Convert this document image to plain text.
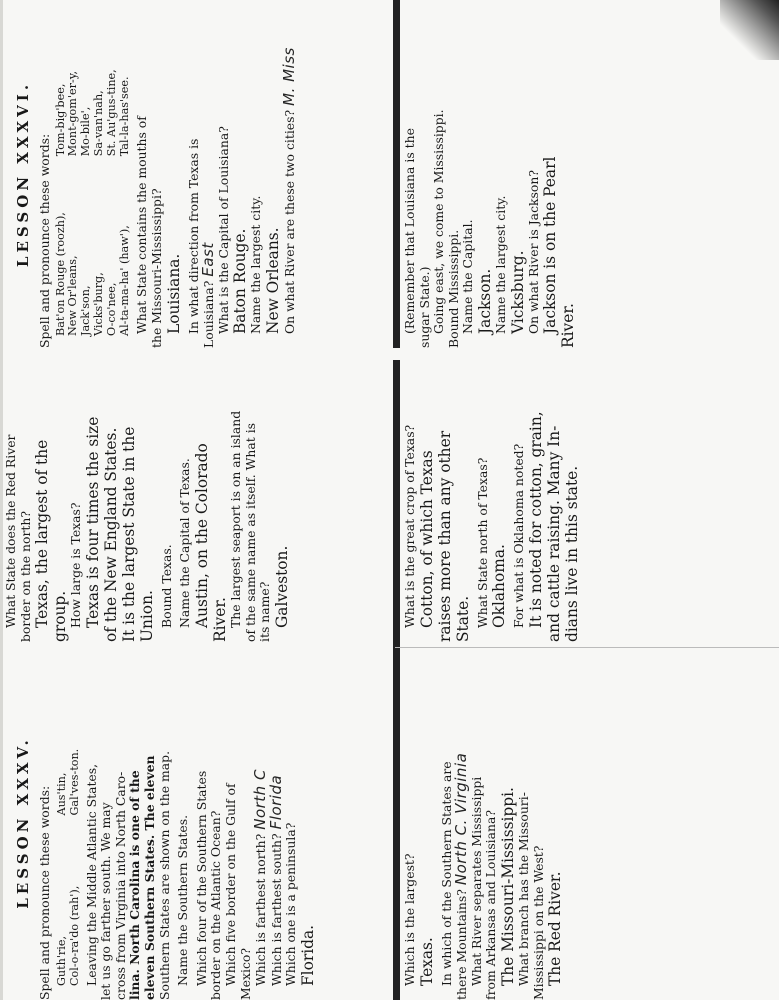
LESSON XXXV. Spell and pronounce these words: Guth'rie,
Aus'tin,
Col-o-ra'do (rah'),
Gal'ves-ton. Leaving the Middle Atlantic States, let us go farther south. We may cross from Virginia into North Caro- lina. North Carolina is one of the eleven Southern States. The eleven Southern States are shown on the map. Name the Southern States. Which four of the Southern States border on the Atlantic Ocean? Which five border on the Gulf of Mexico? Which is farthest north?North C
Which is farthest south?Florida
Which one is a peninsula? Florida.	Which is the largest? Texas. In which of the Southern States are there Mountains?North C. Virginia
What River separates Mississippi from Arkansas and Louisiana? The Missouri-Mississippi. What branch has the Missouri- Mississippi on the West? The Red River.
What State does the Red River border on the north? Texas, the largest of the group. How large is Texas? Texas is four times the size of the New England States. It is the largest State in the Union. Bound Texas. Name the Capital of Texas. Austin, on the Colorado River. The largest seaport is on an island of the same name as itself. What is its name? Galveston.	What is the great crop of Texas? Cotton, of which Texas raises more than any other State. What State north of Texas? Oklahoma. For what is Oklahoma noted? It is noted for cotton, grain, and cattle raising. Many In- dians live in this state.
LESSON XXXVI. Spell and pronounce these words: Bat'on Rouge (roozh),
Tom-big'bee,
New Or'leans,
Mont-gom'er-y,
Jack'son,
Mo-bile',
Vicks'burg,
Sa-van'nah,
O-co'nee,
St. Au'gus-tine,
Al-ta-ma-ha' (haw'),
Tal-la-has'see. What State contains the mouths of the Missouri-Mississippi? Louisiana. In what direction from Texas is Louisiana?East
What is the Capital of Louisiana? Baton Rouge. Name the largest city. New Orleans. On what River are these two cities?M. Miss
(Remember that Louisiana is the sugar State.) Going east, we come to Mississippi. Bound Mississippi. Name the Capital. Jackson. Name the largest city. Vicksburg. On what River is Jackson? Jackson is on the Pearl River.
